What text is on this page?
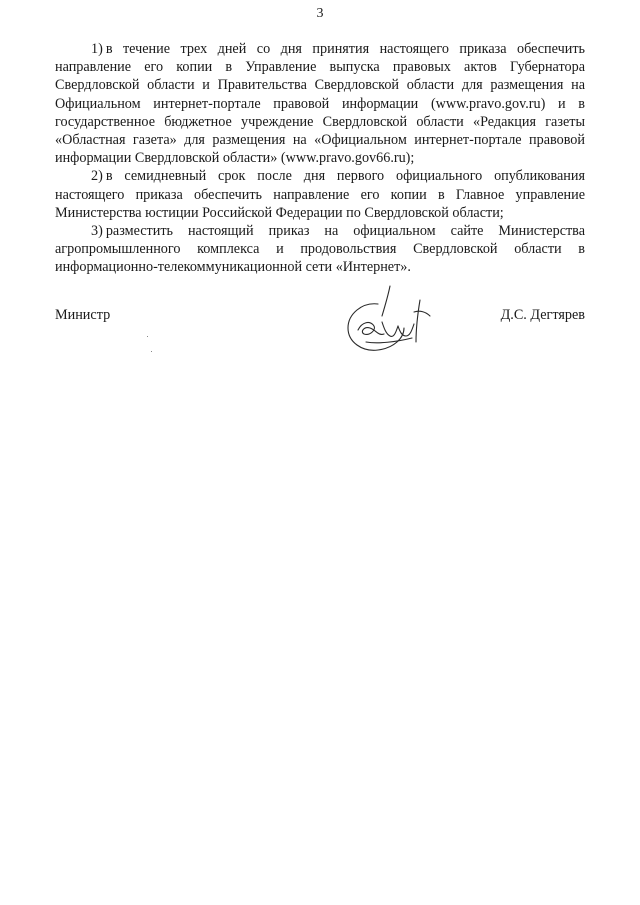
3

1) в течение трех дней со дня принятия настоящего приказа обеспечить направление его копии в Управление выпуска правовых актов Губернатора Свердловской области и Правительства Свердловской области для размещения на Официальном интернет-портале правовой информации (www.pravo.gov.ru) и в государственное бюджетное учреждение Свердловской области «Редакция газеты «Областная газета» для размещения на «Официальном интернет-портале правовой информации Свердловской области» (www.pravo.gov66.ru);

2) в семидневный срок после дня первого официального опубликования настоящего приказа обеспечить направление его копии в Главное управление Министерства юстиции Российской Федерации по Свердловской области;

3) разместить настоящий приказ на официальном сайте Министерства агропромышленного комплекса и продовольствия Свердловской области в информационно-телекоммуникационной сети «Интернет».

Министр	Д.С. Дегтярев
